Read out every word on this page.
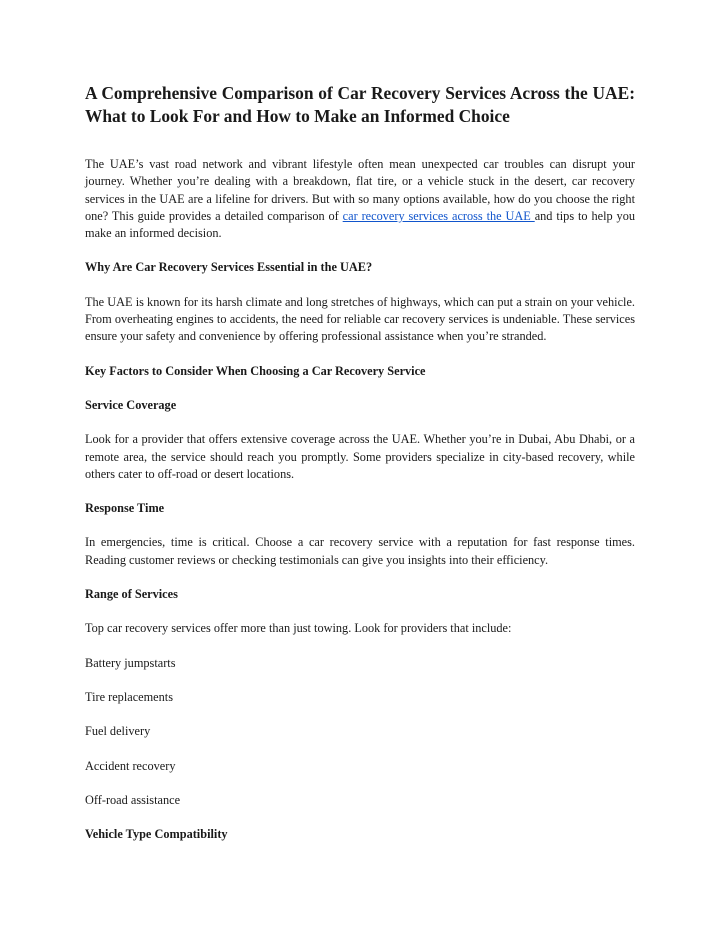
A Comprehensive Comparison of Car Recovery Services Across the UAE: What to Look For and How to Make an Informed Choice

The UAE’s vast road network and vibrant lifestyle often mean unexpected car troubles can disrupt your journey. Whether you’re dealing with a breakdown, flat tire, or a vehicle stuck in the desert, car recovery services in the UAE are a lifeline for drivers. But with so many options available, how do you choose the right one? This guide provides a detailed comparison of car recovery services across the UAE and tips to help you make an informed decision.

Why Are Car Recovery Services Essential in the UAE?

The UAE is known for its harsh climate and long stretches of highways, which can put a strain on your vehicle. From overheating engines to accidents, the need for reliable car recovery services is undeniable. These services ensure your safety and convenience by offering professional assistance when you’re stranded.

Key Factors to Consider When Choosing a Car Recovery Service

Service Coverage

Look for a provider that offers extensive coverage across the UAE. Whether you’re in Dubai, Abu Dhabi, or a remote area, the service should reach you promptly. Some providers specialize in city-based recovery, while others cater to off-road or desert locations.

Response Time

In emergencies, time is critical. Choose a car recovery service with a reputation for fast response times. Reading customer reviews or checking testimonials can give you insights into their efficiency.

Range of Services

Top car recovery services offer more than just towing. Look for providers that include:

Battery jumpstarts

Tire replacements

Fuel delivery

Accident recovery

Off-road assistance

Vehicle Type Compatibility
